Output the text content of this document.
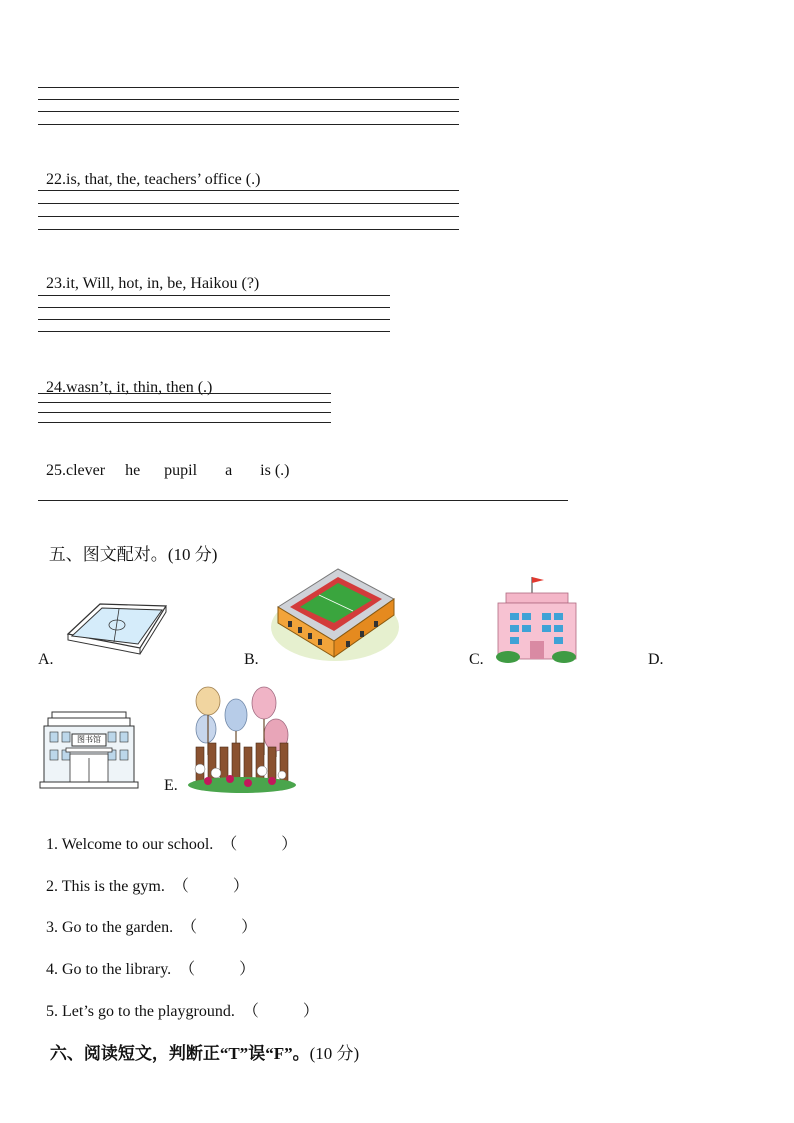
22.is, that, the, teachers’ office (.)

23.it, Will, hot, in, be, Haikou (?)

24.wasn’t, it, thin, then (.)

25.clever     he      pupil       a       is (.)

五、图文配对。(10 分)

A.	B.	C.	D.
图书馆
E.

1. Welcome to our school. （           ）

2. This is the gym. （           ）

3. Go to the garden. （           ）

4. Go to the library. （           ）

5. Let’s go to the playground. （           ）

六、阅读短文，判断正“T”误“F”。(10 分)
